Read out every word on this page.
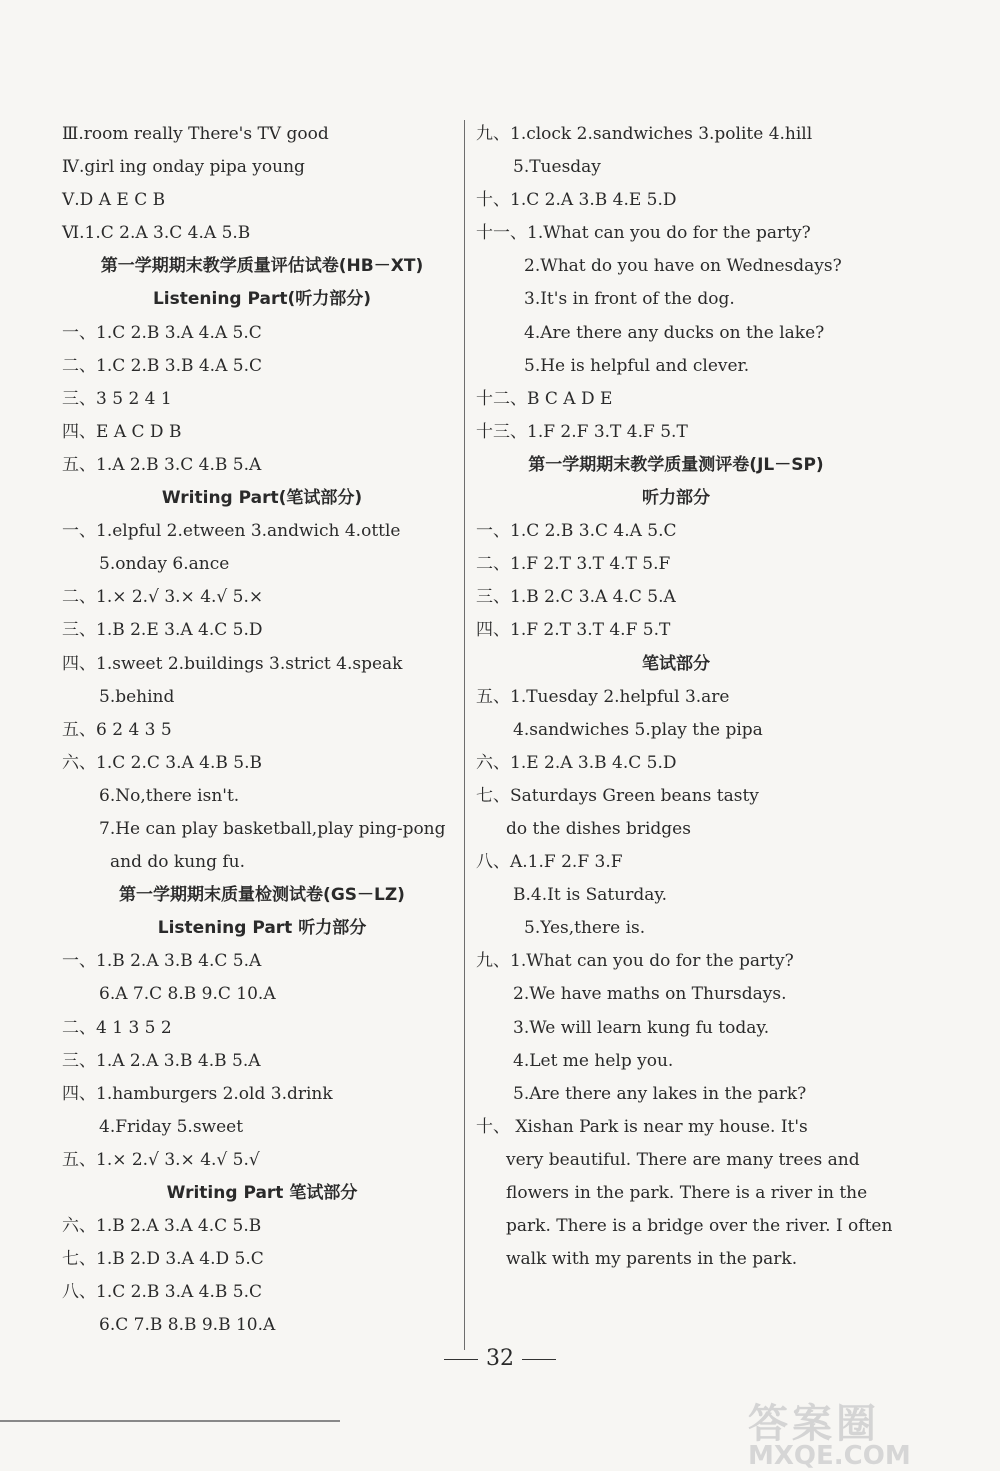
Ⅲ.room really There's TV good
Ⅳ.girl ing onday pipa young
Ⅴ.D A E C B
Ⅵ.1.C 2.A 3.C 4.A 5.B
第一学期期末教学质量评估试卷(HB－XT)
Listening Part(听力部分)
一、1.C 2.B 3.A 4.A 5.C
二、1.C 2.B 3.B 4.A 5.C
三、3 5 2 4 1
四、E A C D B
五、1.A 2.B 3.C 4.B 5.A
Writing Part(笔试部分)
一、1.elpful 2.etween 3.andwich 4.ottle
5.onday 6.ance
二、1.× 2.√ 3.× 4.√ 5.×
三、1.B 2.E 3.A 4.C 5.D
四、1.sweet 2.buildings 3.strict 4.speak
5.behind
五、6 2 4 3 5
六、1.C 2.C 3.A 4.B 5.B
6.No,there isn't.
7.He can play basketball,play ping-pong
and do kung fu.
第一学期期末质量检测试卷(GS－LZ)
Listening Part 听力部分
一、1.B 2.A 3.B 4.C 5.A
6.A 7.C 8.B 9.C 10.A
二、4 1 3 5 2
三、1.A 2.A 3.B 4.B 5.A
四、1.hamburgers 2.old 3.drink
4.Friday 5.sweet
五、1.× 2.√ 3.× 4.√ 5.√
Writing Part 笔试部分
六、1.B 2.A 3.A 4.C 5.B
七、1.B 2.D 3.A 4.D 5.C
八、1.C 2.B 3.A 4.B 5.C
6.C 7.B 8.B 9.B 10.A
九、1.clock 2.sandwiches 3.polite 4.hill
5.Tuesday
十、1.C 2.A 3.B 4.E 5.D
十一、1.What can you do for the party?
2.What do you have on Wednesdays?
3.It's in front of the dog.
4.Are there any ducks on the lake?
5.He is helpful and clever.
十二、B C A D E
十三、1.F 2.F 3.T 4.F 5.T
第一学期期末教学质量测评卷(JL－SP)
听力部分
一、1.C 2.B 3.C 4.A 5.C
二、1.F 2.T 3.T 4.T 5.F
三、1.B 2.C 3.A 4.C 5.A
四、1.F 2.T 3.T 4.F 5.T
笔试部分
五、1.Tuesday 2.helpful 3.are
4.sandwiches 5.play the pipa
六、1.E 2.A 3.B 4.C 5.D
七、Saturdays Green beans tasty
do the dishes bridges
八、A.1.F 2.F 3.F
B.4.It is Saturday.
5.Yes,there is.
九、1.What can you do for the party?
2.We have maths on Thursdays.
3.We will learn kung fu today.
4.Let me help you.
5.Are there any lakes in the park?
十、 Xishan Park is near my house. It's
very beautiful. There are many trees and
flowers in the park. There is a river in the
park. There is a bridge over the river. I often
walk with my parents in the park.
32
答案圈
MXQE.COM
